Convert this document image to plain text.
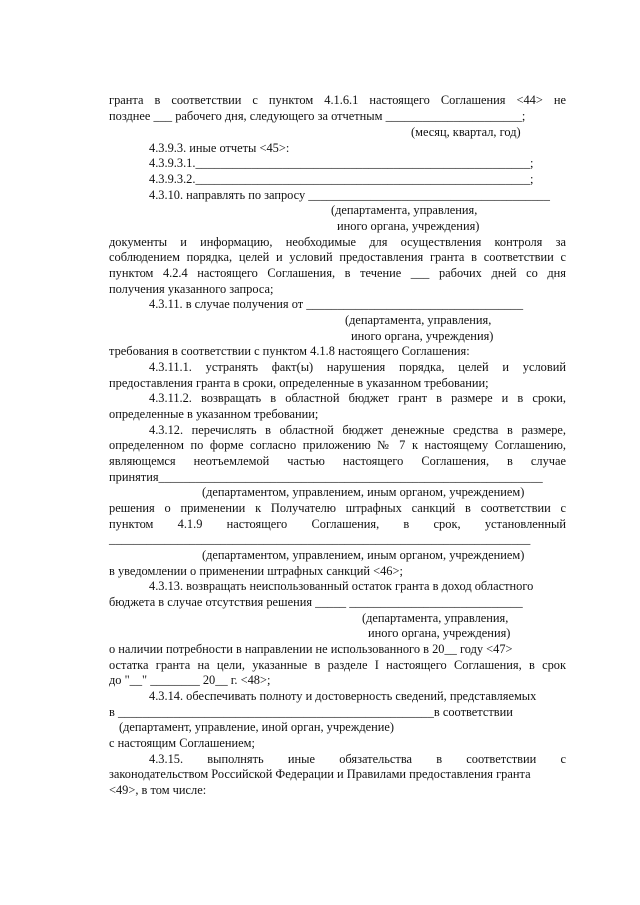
гранта в соответствии с пунктом 4.1.6.1 настоящего Соглашения <44> не
позднее ___ рабочего дня, следующего за отчетным ______________________;
(месяц, квартал, год)
4.3.9.3. иные отчеты <45>:
4.3.9.3.1.______________________________________________________;
4.3.9.3.2.______________________________________________________;
4.3.10. направлять по запросу _______________________________________
(департамента, управления,
иного органа, учреждения)
документы и информацию, необходимые для осуществления контроля за
соблюдением порядка, целей и условий предоставления гранта в соответствии с
пунктом 4.2.4 настоящего Соглашения, в течение ___ рабочих дней со дня
получения указанного запроса;
4.3.11. в случае получения от ___________________________________
(департамента, управления,
иного органа, учреждения)
требования в соответствии с пунктом 4.1.8 настоящего Соглашения:
4.3.11.1. устранять факт(ы) нарушения порядка, целей и условий
предоставления гранта в сроки, определенные в указанном требовании;
4.3.11.2. возвращать в областной бюджет грант в размере и в сроки,
определенные в указанном требовании;
4.3.12. перечислять в областной бюджет денежные средства в размере,
определенном по форме согласно приложению № 7 к настоящему Соглашению,
являющемся неотъемлемой частью настоящего Соглашения, в случае
принятия______________________________________________________________
(департаментом, управлением, иным органом, учреждением)
решения о применении к Получателю штрафных санкций в соответствии с
пунктом 4.1.9 настоящего Соглашения, в срок, установленный
____________________________________________________________________
(департаментом, управлением, иным органом, учреждением)
в уведомлении о применении штрафных санкций <46>;
4.3.13. возвращать неиспользованный остаток гранта в доход областного
бюджета в случае отсутствия решения _____ ____________________________
(департамента, управления,
иного органа, учреждения)
о наличии потребности в направлении не использованного в 20__ году <47>
остатка гранта на цели, указанные в разделе I настоящего Соглашения, в срок
до "__" ________ 20__ г. <48>;
4.3.14. обеспечивать полноту и достоверность сведений, представляемых
в ___________________________________________________в соответствии
(департамент, управление, иной орган, учреждение)
с настоящим Соглашением;
4.3.15. выполнять иные обязательства в соответствии с
законодательством Российской Федерации и Правилами предоставления гранта
<49>, в том числе:
